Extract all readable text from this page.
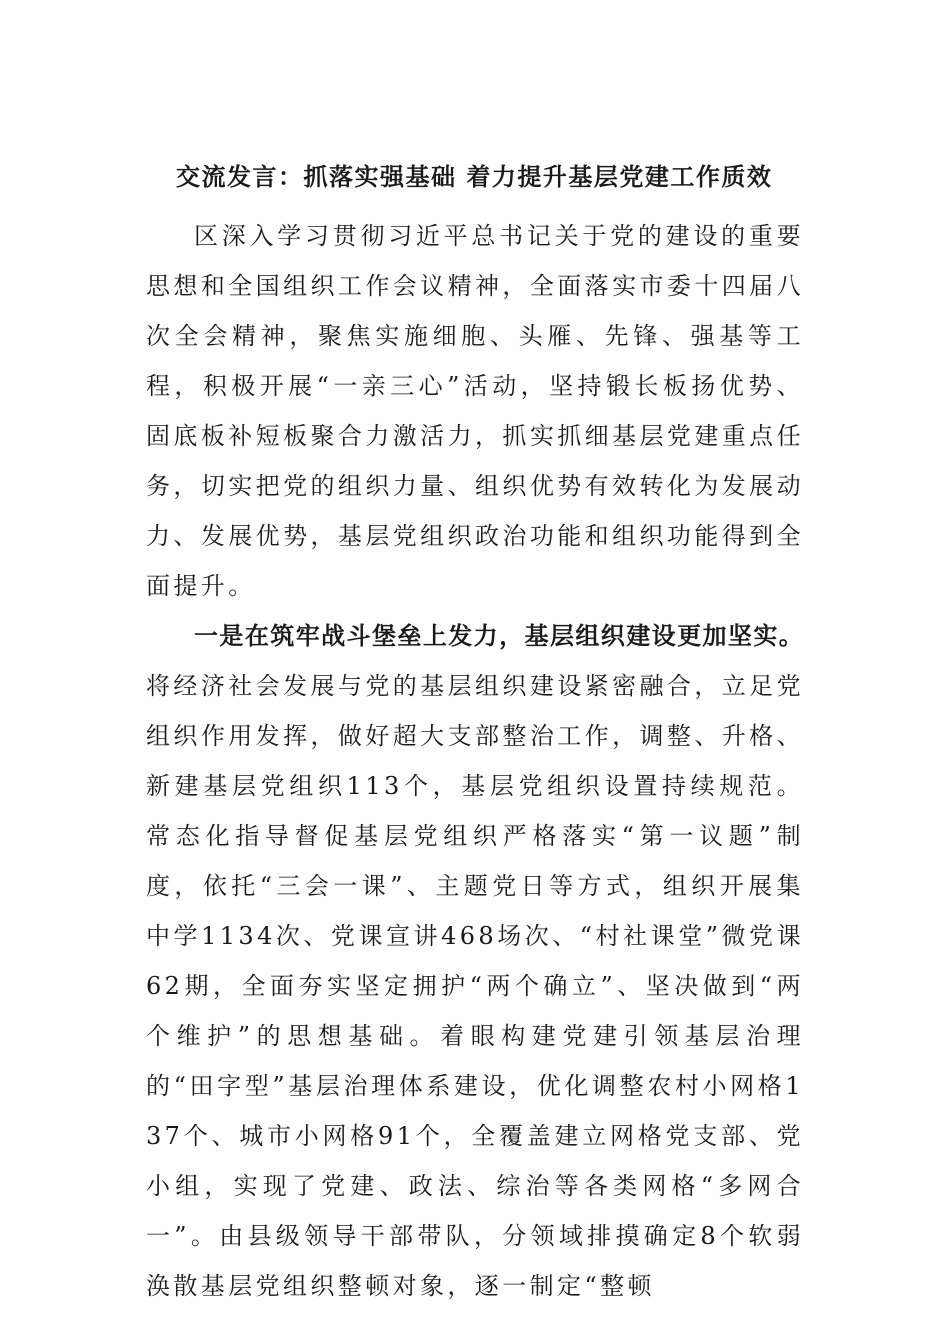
交流发言：抓落实强基础 着力提升基层党建工作质效

区深入学习贯彻习近平总书记关于党的建设的重要思想和全国组织工作会议精神，全面落实市委十四届八次全会精神，聚焦实施细胞、头雁、先锋、强基等工程，积极开展“一亲三心”活动，坚持锻长板扬优势、固底板补短板聚合力激活力，抓实抓细基层党建重点任务，切实把党的组织力量、组织优势有效转化为发展动力、发展优势，基层党组织政治功能和组织功能得到全面提升。

一是在筑牢战斗堡垒上发力，基层组织建设更加坚实。将经济社会发展与党的基层组织建设紧密融合，立足党组织作用发挥，做好超大支部整治工作，调整、升格、新建基层党组织113个，基层党组织设置持续规范。常态化指导督促基层党组织严格落实“第一议题”制度，依托“三会一课”、主题党日等方式，组织开展集中学1134次、党课宣讲468场次、“村社课堂”微党课62期，全面夯实坚定拥护“两个确立”、坚决做到“两个维护”的思想基础。着眼构建党建引领基层治理的“田字型”基层治理体系建设，优化调整农村小网格137个、城市小网格91个，全覆盖建立网格党支部、党小组，实现了党建、政法、综治等各类网格“多网合一”。由县级领导干部带队，分领域排摸确定8个软弱涣散基层党组织整顿对象，逐一制定“整顿
